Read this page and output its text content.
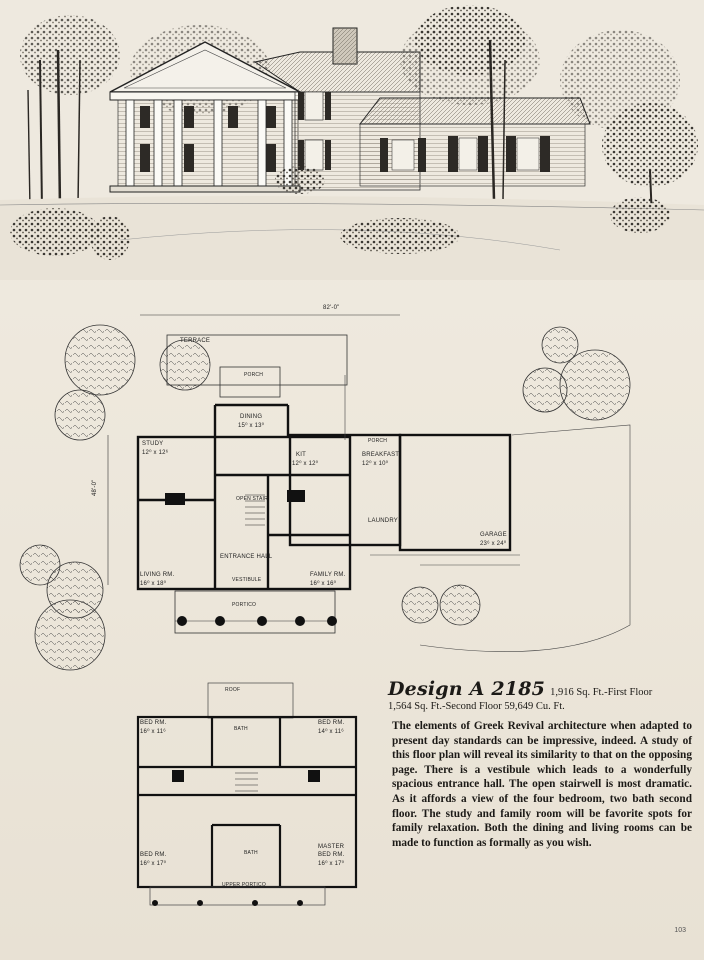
82'-0"
48'-0"
TERRACE
PORCH
DINING
15⁰ x 13⁰
STUDY
12⁰ x 12⁶	KIT
12⁰ x 12⁰
BREAKFAST
12⁰ x 10⁰
PORCH
LAUNDRY
OPEN STAIR
ENTRANCE HALL
VESTIBULE
LIVING RM.
16⁰ x 18⁰
FAMILY RM.
16⁰ x 16⁰
PORTICO
GARAGE
23⁶ x 24⁰
ROOF
BED RM.
16⁰ x 11⁶
BED RM.
14⁰ x 11⁶
BATH
BED RM.
16⁰ x 17⁰
MASTER
BED RM.
16⁰ x 17⁰
BATH
UPPER PORTICO
Design A 2185 1,916 Sq. Ft.-First Floor
1,564 Sq. Ft.-Second Floor 59,649 Cu. Ft.
The elements of Greek Revival architecture when adapted to present day standards can be impressive, indeed. A study of this floor plan will reveal its similarity to that on the opposing page. There is a vestibule which leads to a wonderfully spacious entrance hall. The open stairwell is most dramatic. As it affords a view of the four bedroom, two bath second floor. The study and family room will be favorite spots for family relaxation. Both the dining and living rooms can be made to function as formally as you wish.
103
